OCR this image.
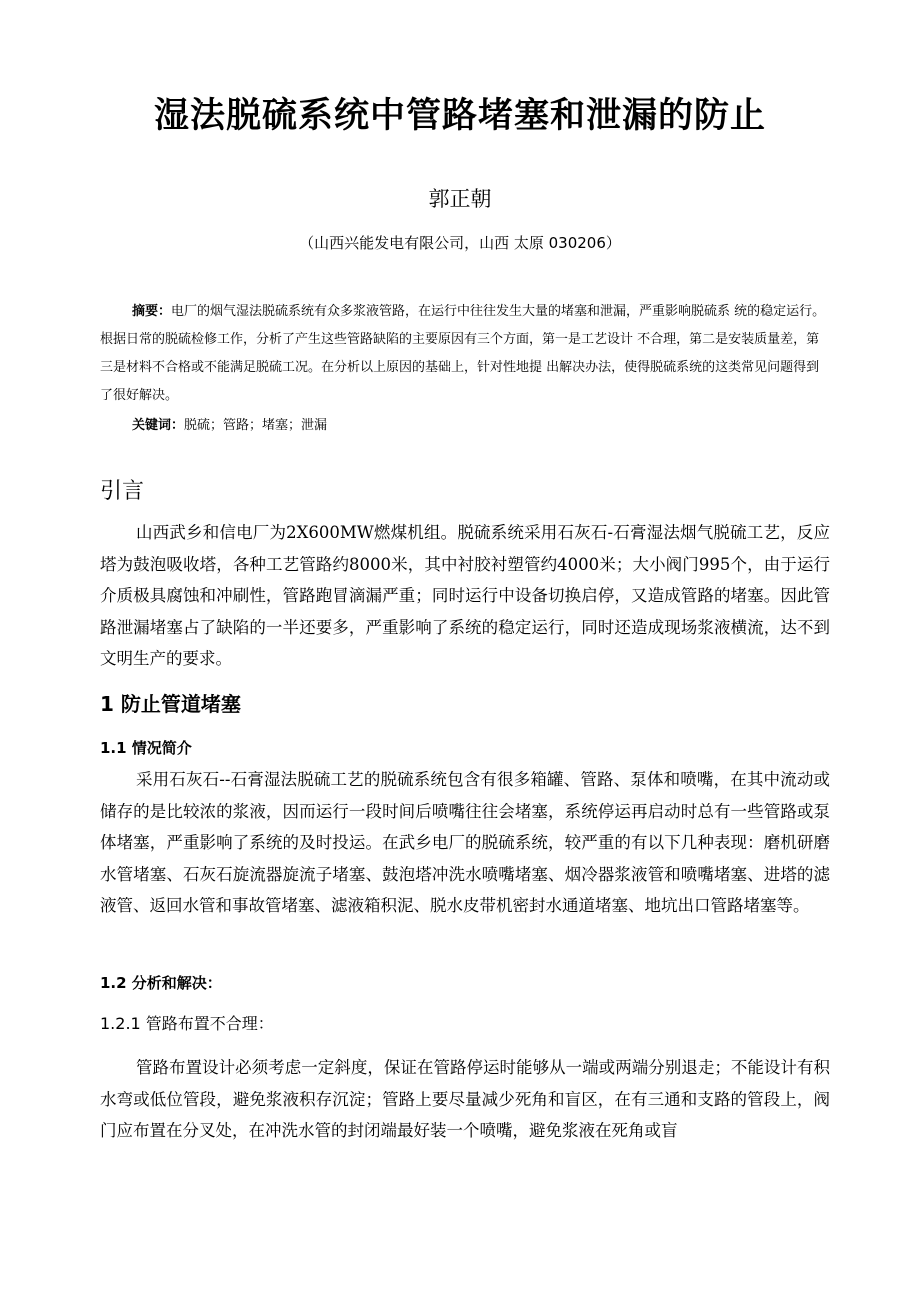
湿法脱硫系统中管路堵塞和泄漏的防止
郭正朝
（山西兴能发电有限公司，山西 太原 030206）
摘要：电厂的烟气湿法脱硫系统有众多浆液管路，在运行中往往发生大量的堵塞和泄漏，严重影响脱硫系 统的稳定运行。根据日常的脱硫检修工作，分析了产生这些管路缺陷的主要原因有三个方面，第一是工艺设计 不合理，第二是安装质量差，第三是材料不合格或不能满足脱硫工况。在分析以上原因的基础上，针对性地提 出解决办法，使得脱硫系统的这类常见问题得到了很好解决。
关键词：脱硫；管路；堵塞；泄漏
引言
山西武乡和信电厂为2X600MW燃煤机组。脱硫系统采用石灰石-石膏湿法烟气脱硫工艺，反应塔为鼓泡吸收塔，各种工艺管路约8000米，其中衬胶衬塑管约4000米；大小阀门995个，由于运行介质极具腐蚀和冲刷性，管路跑冒滴漏严重；同时运行中设备切换启停，又造成管路的堵塞。因此管路泄漏堵塞占了缺陷的一半还要多，严重影响了系统的稳定运行，同时还造成现场浆液横流，达不到文明生产的要求。
1 防止管道堵塞
1.1 情况简介
采用石灰石--石膏湿法脱硫工艺的脱硫系统包含有很多箱罐、管路、泵体和喷嘴，在其中流动或储存的是比较浓的浆液，因而运行一段时间后喷嘴往往会堵塞，系统停运再启动时总有一些管路或泵体堵塞，严重影响了系统的及时投运。在武乡电厂的脱硫系统，较严重的有以下几种表现：磨机研磨水管堵塞、石灰石旋流器旋流子堵塞、鼓泡塔冲洗水喷嘴堵塞、烟冷器浆液管和喷嘴堵塞、进塔的滤液管、返回水管和事故管堵塞、滤液箱积泥、脱水皮带机密封水通道堵塞、地坑出口管路堵塞等。
1.2 分析和解决：
1.2.1 管路布置不合理：
管路布置设计必须考虑一定斜度，保证在管路停运时能够从一端或两端分别退走；不能设计有积水弯或低位管段，避免浆液积存沉淀；管路上要尽量减少死角和盲区，在有三通和支路的管段上，阀门应布置在分叉处，在冲洗水管的封闭端最好装一个喷嘴，避免浆液在死角或盲
